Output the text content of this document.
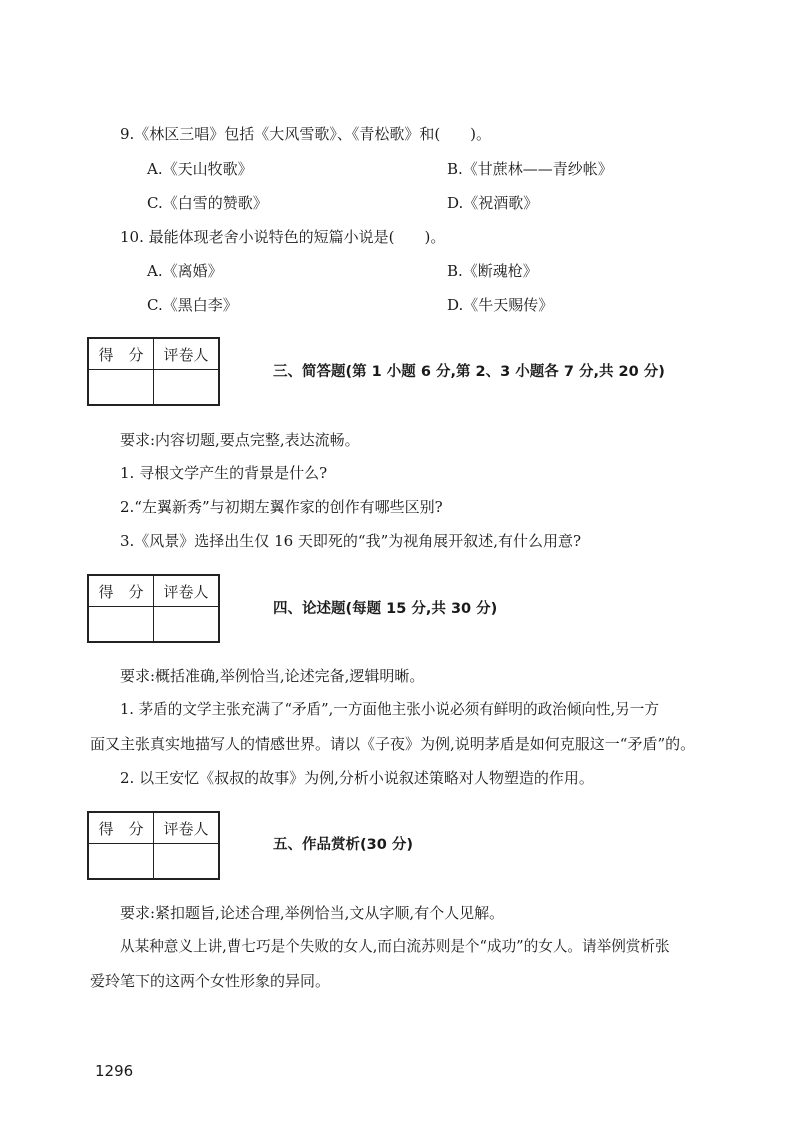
9.《林区三唱》包括《大风雪歌》、《青松歌》和(　　)。
A.《天山牧歌》	B.《甘蔗林——青纱帐》
C.《白雪的赞歌》	D.《祝酒歌》
10. 最能体现老舍小说特色的短篇小说是(　　)。
A.《离婚》	B.《断魂枪》
C.《黑白李》	D.《牛天赐传》
得　分	评卷人

三、简答题(第 1 小题 6 分,第 2、3 小题各 7 分,共 20 分)
要求:内容切题,要点完整,表达流畅。
1. 寻根文学产生的背景是什么?
2.“左翼新秀”与初期左翼作家的创作有哪些区别?
3.《风景》选择出生仅 16 天即死的“我”为视角展开叙述,有什么用意?
得　分	评卷人

四、论述题(每题 15 分,共 30 分)
要求:概括准确,举例恰当,论述完备,逻辑明晰。
1. 茅盾的文学主张充满了“矛盾”,一方面他主张小说必须有鲜明的政治倾向性,另一方
面又主张真实地描写人的情感世界。请以《子夜》为例,说明茅盾是如何克服这一“矛盾”的。
2. 以王安忆《叔叔的故事》为例,分析小说叙述策略对人物塑造的作用。
得　分	评卷人

五、作品赏析(30 分)
要求:紧扣题旨,论述合理,举例恰当,文从字顺,有个人见解。
从某种意义上讲,曹七巧是个失败的女人,而白流苏则是个“成功”的女人。请举例赏析张
爱玲笔下的这两个女性形象的异同。
1296
